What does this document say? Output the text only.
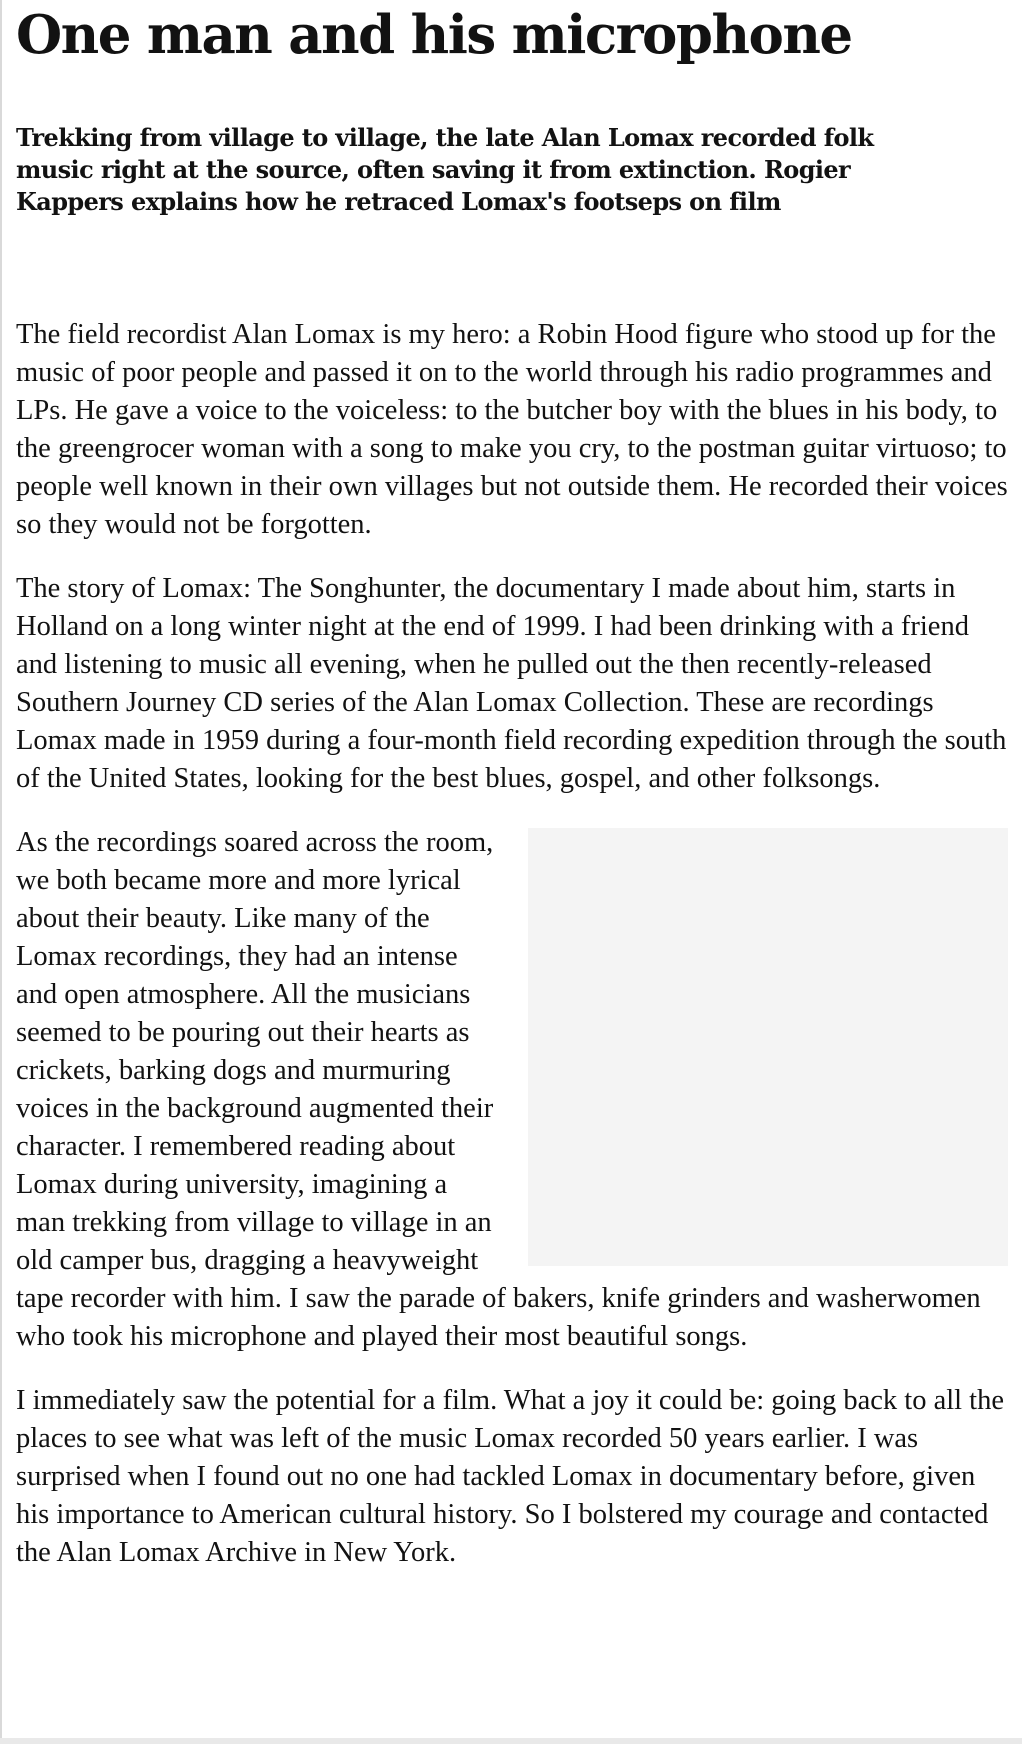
One man and his microphone

Trekking from village to village, the late Alan Lomax recorded folk music right at the source, often saving it from extinction. Rogier Kappers explains how he retraced Lomax's footseps on film

The field recordist Alan Lomax is my hero: a Robin Hood figure who stood up for the music of poor people and passed it on to the world through his radio programmes and LPs. He gave a voice to the voiceless: to the butcher boy with the blues in his body, to the greengrocer woman with a song to make you cry, to the postman guitar virtuoso; to people well known in their own villages but not outside them. He recorded their voices so they would not be forgotten.

The story of Lomax: The Songhunter, the documentary I made about him, starts in Holland on a long winter night at the end of 1999. I had been drinking with a friend and listening to music all evening, when he pulled out the then recently-released Southern Journey CD series of the Alan Lomax Collection. These are recordings Lomax made in 1959 during a four-month field recording expedition through the south of the United States, looking for the best blues, gospel, and other folksongs.

As the recordings soared across the room, we both became more and more lyrical about their beauty. Like many of the Lomax recordings, they had an intense and open atmosphere. All the musicians seemed to be pouring out their hearts as crickets, barking dogs and murmuring voices in the background augmented their character. I remembered reading about Lomax during university, imagining a man trekking from village to village in an old camper bus, dragging a heavyweight tape recorder with him. I saw the parade of bakers, knife grinders and washerwomen who took his microphone and played their most beautiful songs.

I immediately saw the potential for a film. What a joy it could be: going back to all the places to see what was left of the music Lomax recorded 50 years earlier. I was surprised when I found out no one had tackled Lomax in documentary before, given his importance to American cultural history. So I bolstered my courage and contacted the Alan Lomax Archive in New York.
